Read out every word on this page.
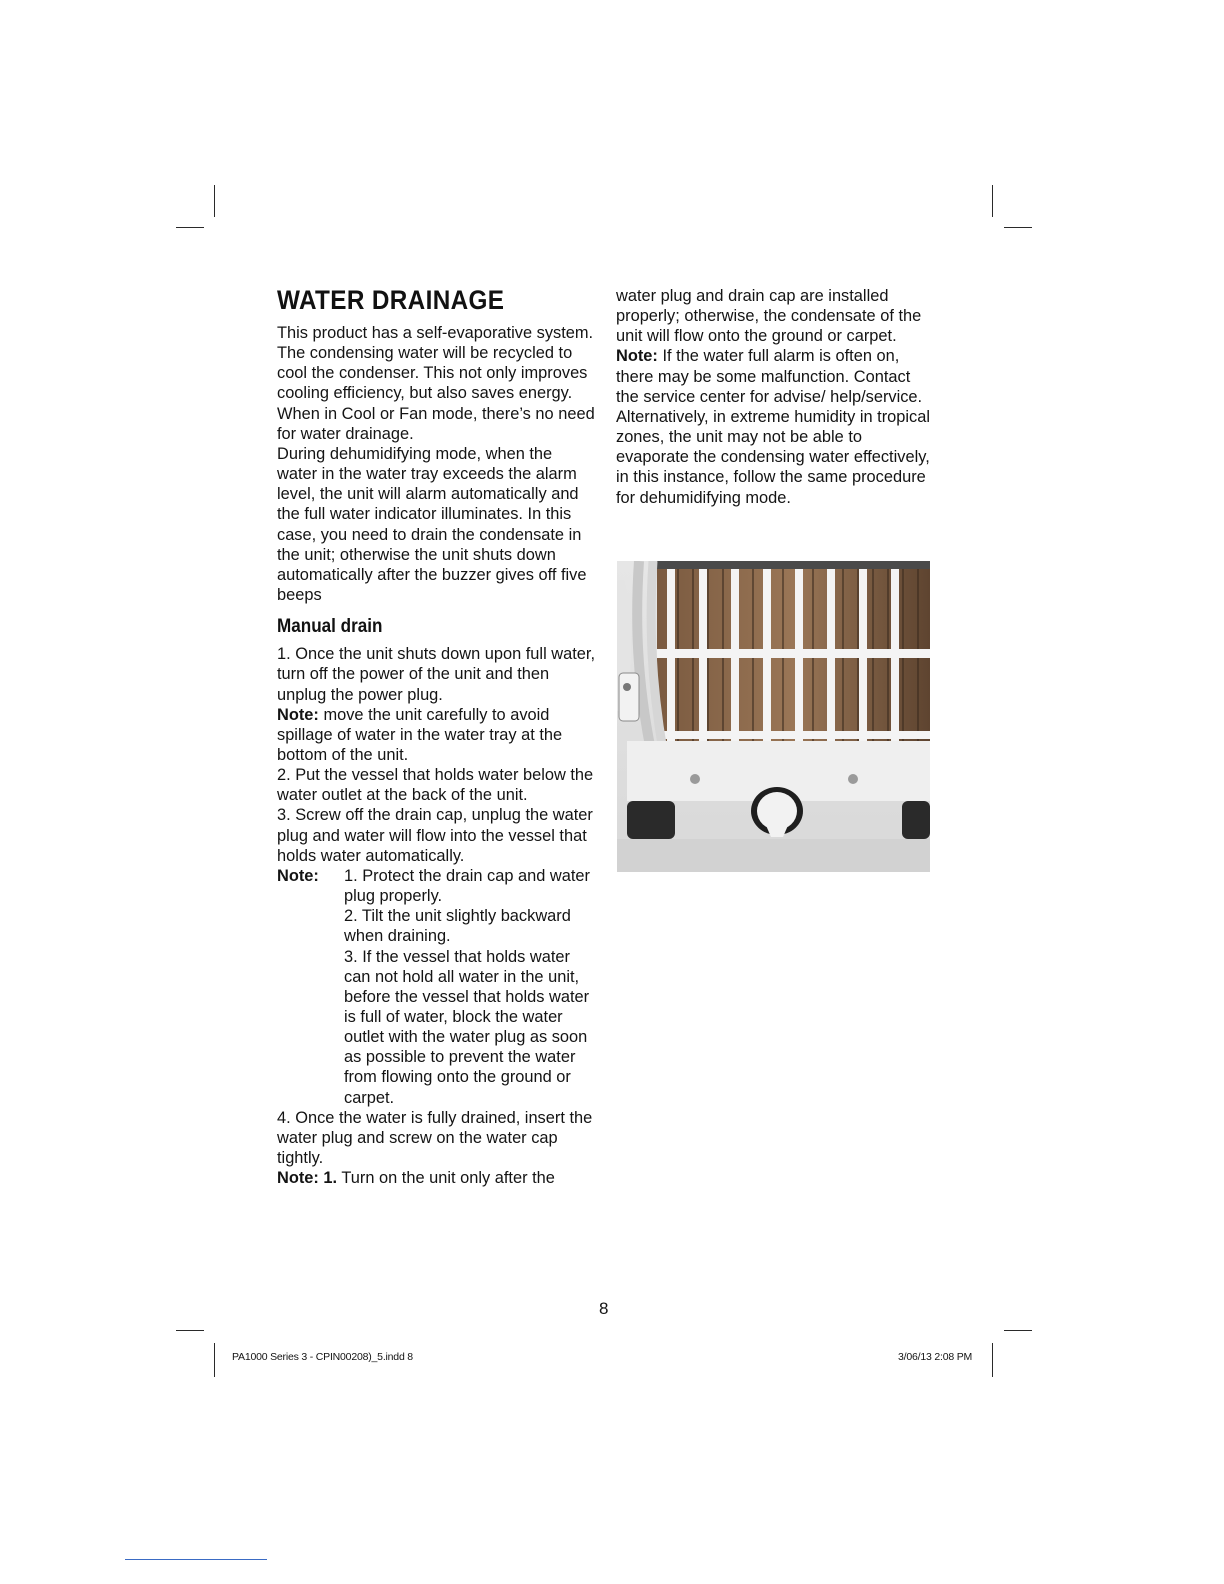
WATER DRAINAGE

This product has a self-evaporative system. The condensing water will be recycled to cool the condenser. This not only improves cooling efficiency, but also saves energy.

When in Cool or Fan mode, there’s no need for water drainage.

During dehumidifying mode, when the water in the water tray exceeds the alarm level, the unit will alarm automatically and the full water indicator illuminates. In this case, you need to drain the condensate in the unit; otherwise the unit shuts down automatically after the buzzer gives off five beeps

Manual drain

1. Once the unit shuts down upon full water, turn off the power of the unit and then unplug the power plug.

Note: move the unit carefully to avoid spillage of water in the water tray at the bottom of the unit.

2. Put the vessel that holds water below the water outlet at the back of the unit.

3. Screw off the drain cap, unplug the water plug and water will flow into the vessel that holds water automatically.

Note:	1. Protect the drain cap and water plug properly.

2. Tilt the unit slightly backward when draining.

3. If the vessel that holds water can not hold all water in the unit, before the vessel that holds water is full of water, block the water outlet with the water plug as soon as possible to prevent the water from flowing onto the ground or carpet.

4. Once the water is fully drained, insert the water plug and screw on the water cap tightly.

Note: 1. Turn on the unit only after the

water plug and drain cap are installed properly; otherwise, the condensate of the unit will flow onto the ground or carpet.

Note: If the water full alarm is often on, there may be some malfunction. Contact the service center for advise/ help/service. Alternatively, in extreme humidity in tropical zones, the unit may not be able to evaporate the condensing water effectively, in this instance, follow the same procedure for dehumidifying mode.

8
PA1000 Series 3 - CPIN00208)_5.indd 8	3/06/13 2:08 PM
